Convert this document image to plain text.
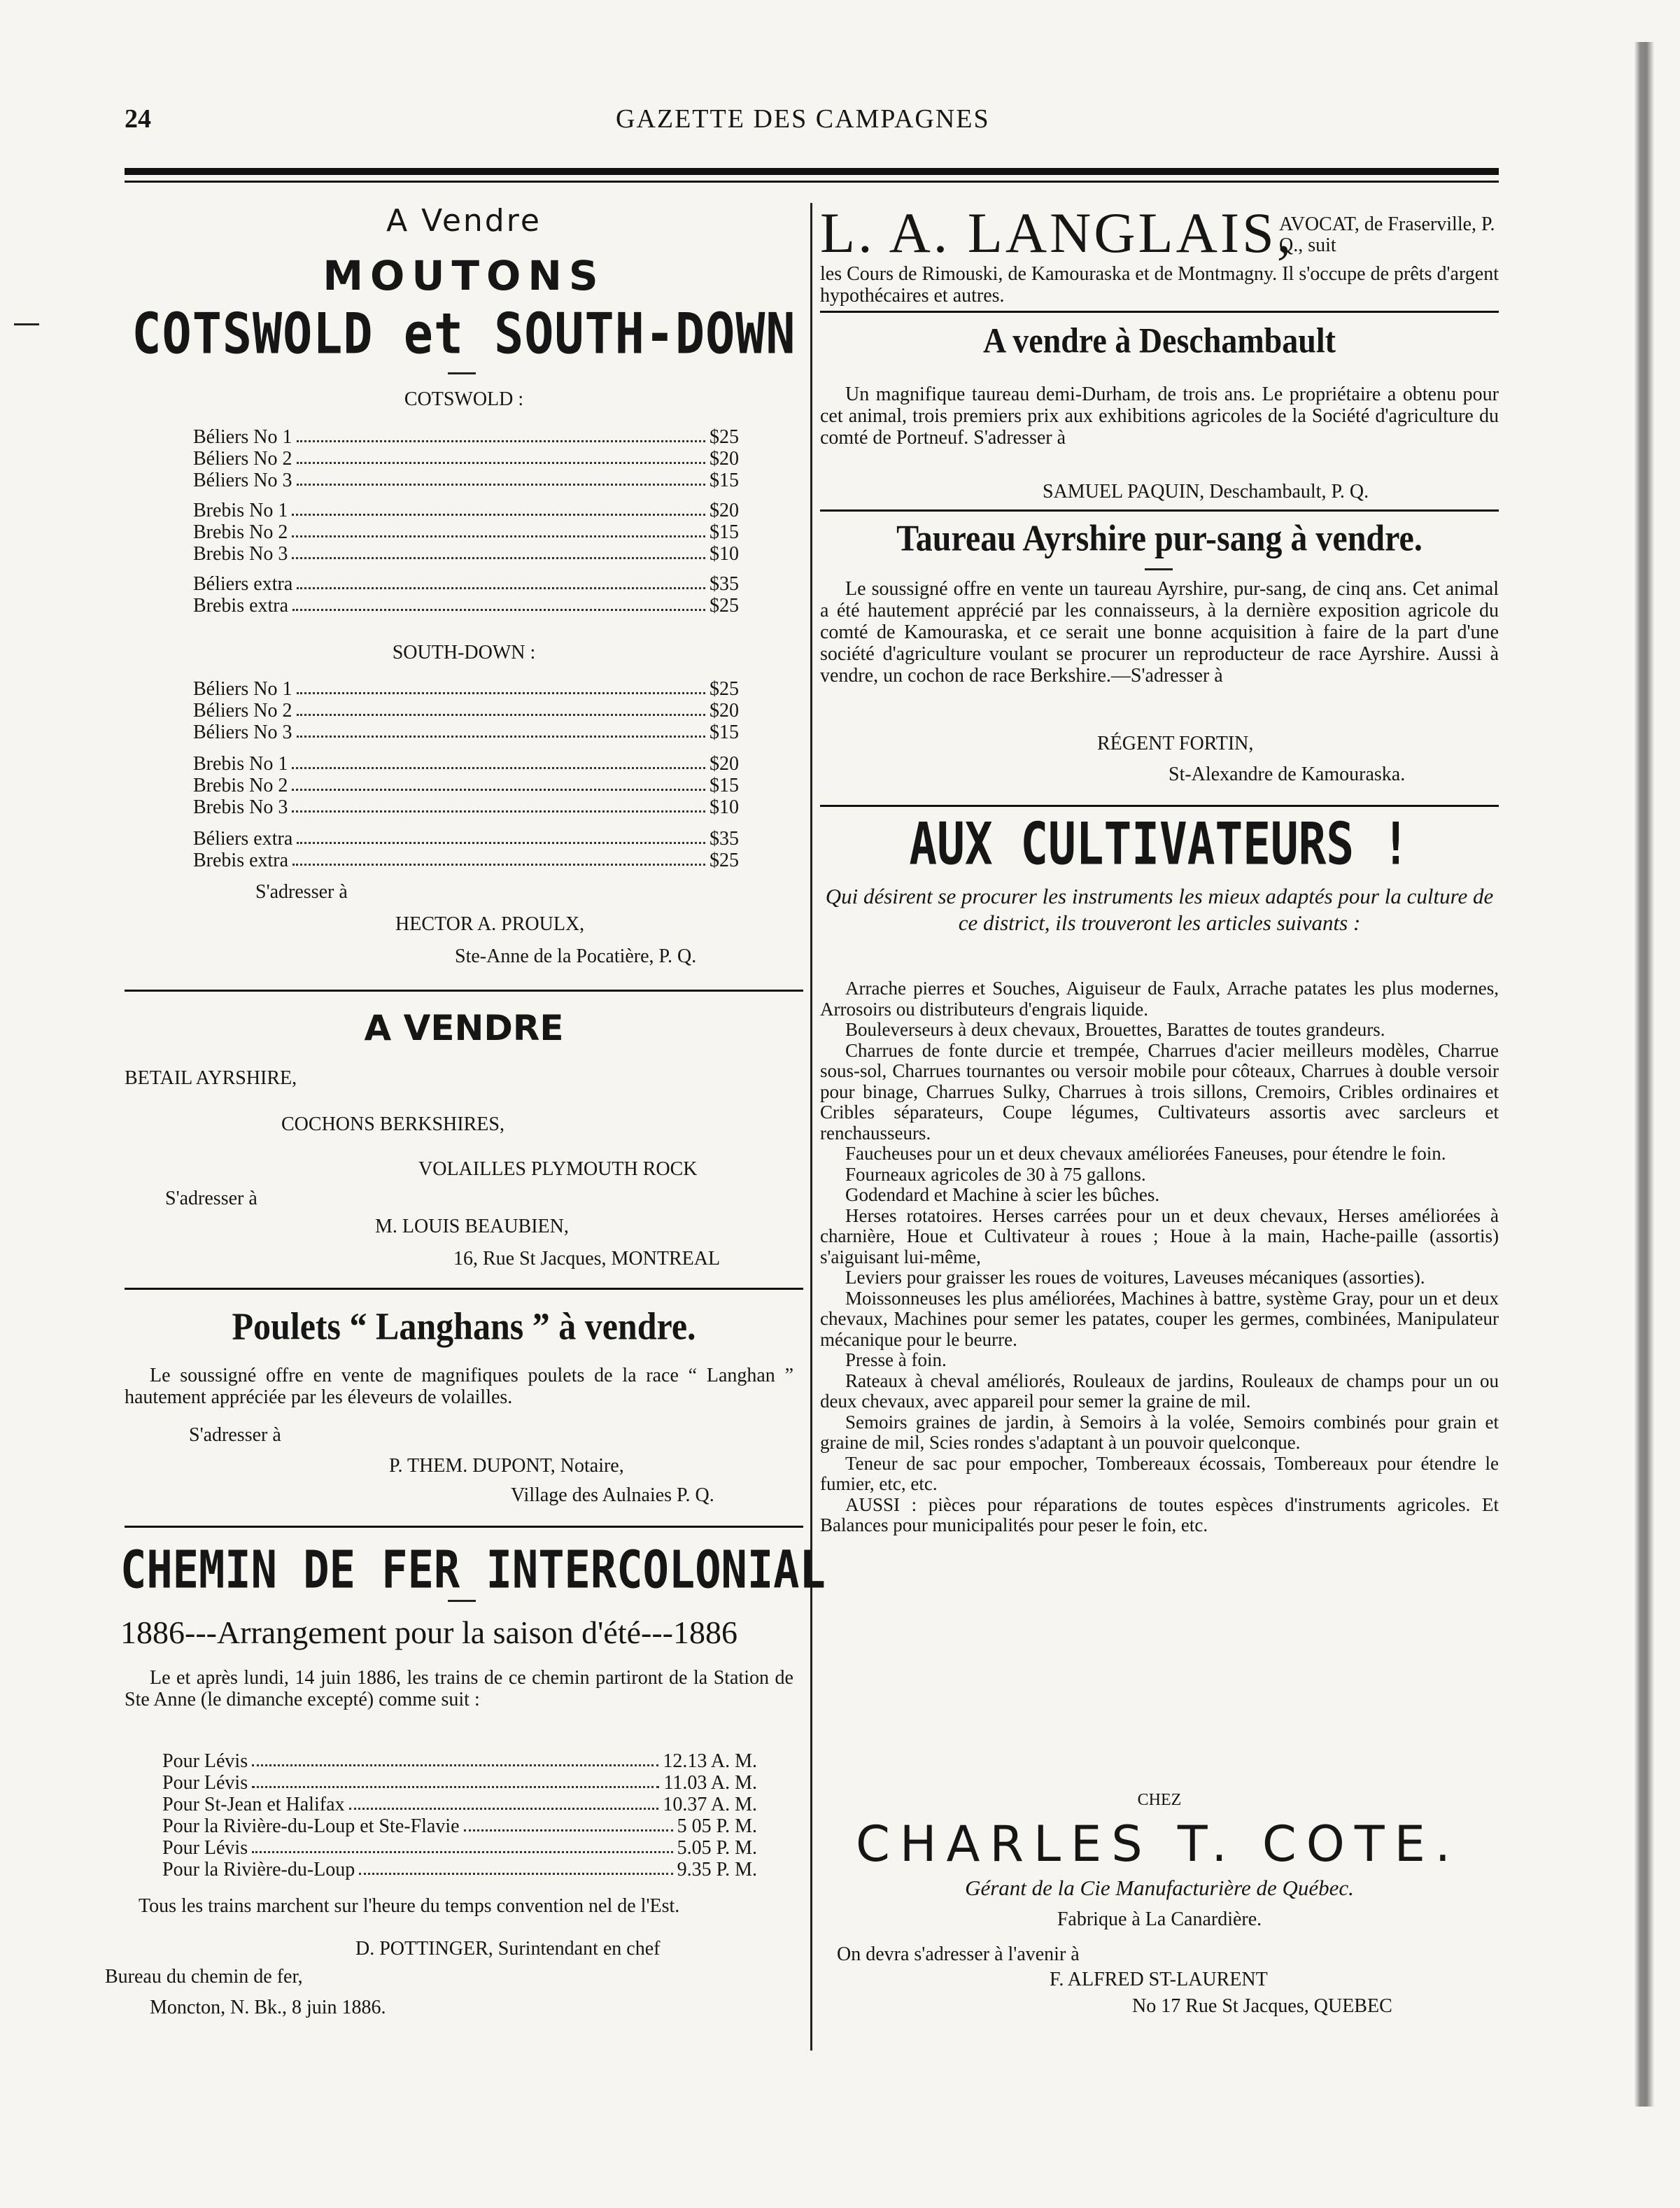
24	GAZETTE DES CAMPAGNES
A Vendre
MOUTONS
COTSWOLD et SOUTH-DOWN
COTSWOLD :
Béliers No 1	$25
Béliers No 2	$20
Béliers No 3	$15
Brebis No 1	$20
Brebis No 2	$15
Brebis No 3	$10
Béliers extra	$35
Brebis extra	$25
SOUTH-DOWN :
Béliers No 1	$25
Béliers No 2	$20
Béliers No 3	$15
Brebis No 1	$20
Brebis No 2	$15
Brebis No 3	$10
Béliers extra	$35
Brebis extra	$25
S'adresser à
HECTOR A. PROULX,
Ste-Anne de la Pocatière, P. Q.
A VENDRE
BETAIL AYRSHIRE,
COCHONS BERKSHIRES,
VOLAILLES PLYMOUTH ROCK
S'adresser à
M. LOUIS BEAUBIEN,
16, Rue St Jacques, MONTREAL
Poulets “ Langhans ” à vendre.
Le soussigné offre en vente de magnifiques poulets de la race “ Langhan ” hautement appréciée par les éleveurs de volailles.
S'adresser à
P. THEM. DUPONT, Notaire,
Village des Aulnaies P. Q.
CHEMIN DE FER INTERCOLONIAL
1886---Arrangement pour la saison d'été---1886
Le et après lundi, 14 juin 1886, les trains de ce chemin partiront de la Station de Ste Anne (le dimanche excepté) comme suit :
Pour Lévis	12.13 A. M.
Pour Lévis	11.03 A. M.
Pour St-Jean et Halifax	10.37 A. M.
Pour la Rivière-du-Loup et Ste-Flavie	5 05 P. M.
Pour Lévis	5.05 P. M.
Pour la Rivière-du-Loup	9.35 P. M.
Tous les trains marchent sur l'heure du temps convention nel de l'Est.
D. POTTINGER, Surintendant en chef
Bureau du chemin de fer,
Moncton, N. Bk., 8 juin 1886.
L. A. LANGLAIS,
AVOCAT, de Fraserville, P. Q., suit
les Cours de Rimouski, de Kamouraska et de Montmagny. Il s'occupe de prêts d'argent hypothécaires et autres.
A vendre à Deschambault
Un magnifique taureau demi-Durham, de trois ans. Le propriétaire a obtenu pour cet animal, trois premiers prix aux exhibitions agricoles de la Société d'agriculture du comté de Portneuf. S'adresser à
SAMUEL PAQUIN, Deschambault, P. Q.
Taureau Ayrshire pur-sang à vendre.
Le soussigné offre en vente un taureau Ayrshire, pur-sang, de cinq ans. Cet animal a été hautement apprécié par les connaisseurs, à la dernière exposition agricole du comté de Kamouraska, et ce serait une bonne acquisition à faire de la part d'une société d'agriculture voulant se procurer un reproducteur de race Ayrshire. Aussi à vendre, un cochon de race Berkshire.—S'adresser à
RÉGENT FORTIN,
St-Alexandre de Kamouraska.
AUX CULTIVATEURS !
Qui désirent se procurer les instruments les mieux adaptés pour la culture de ce district, ils trouveront les articles suivants :
Arrache pierres et Souches, Aiguiseur de Faulx, Arrache patates les plus modernes, Arrosoirs ou distributeurs d'engrais liquide.
Bouleverseurs à deux chevaux, Brouettes, Barattes de toutes grandeurs.
Charrues de fonte durcie et trempée, Charrues d'acier meilleurs modèles, Charrue sous-sol, Charrues tournantes ou versoir mobile pour côteaux, Charrues à double versoir pour binage, Charrues Sulky, Charrues à trois sillons, Cremoirs, Cribles ordinaires et Cribles séparateurs, Coupe légumes, Cultivateurs assortis avec sarcleurs et renchausseurs.
Faucheuses pour un et deux chevaux améliorées Faneuses, pour étendre le foin.
Fourneaux agricoles de 30 à 75 gallons.
Godendard et Machine à scier les bûches.
Herses rotatoires. Herses carrées pour un et deux chevaux, Herses améliorées à charnière, Houe et Cultivateur à roues ; Houe à la main, Hache-paille (assortis) s'aiguisant lui-même,
Leviers pour graisser les roues de voitures, Laveuses mécaniques (assorties).
Moissonneuses les plus améliorées, Machines à battre, système Gray, pour un et deux chevaux, Machines pour semer les patates, couper les germes, combinées, Manipulateur mécanique pour le beurre.
Presse à foin.
Rateaux à cheval améliorés, Rouleaux de jardins, Rouleaux de champs pour un ou deux chevaux, avec appareil pour semer la graine de mil.
Semoirs graines de jardin, à Semoirs à la volée, Semoirs combinés pour grain et graine de mil, Scies rondes s'adaptant à un pouvoir quelconque.
Teneur de sac pour empocher, Tombereaux écossais, Tombereaux pour étendre le fumier, etc, etc.
AUSSI : pièces pour réparations de toutes espèces d'instruments agricoles. Et Balances pour municipalités pour peser le foin, etc.
CHEZ
CHARLES T. COTE.
Gérant de la Cie Manufacturière de Québec.
Fabrique à La Canardière.
On devra s'adresser à l'avenir à
F. ALFRED ST-LAURENT
No 17 Rue St Jacques, QUEBEC
